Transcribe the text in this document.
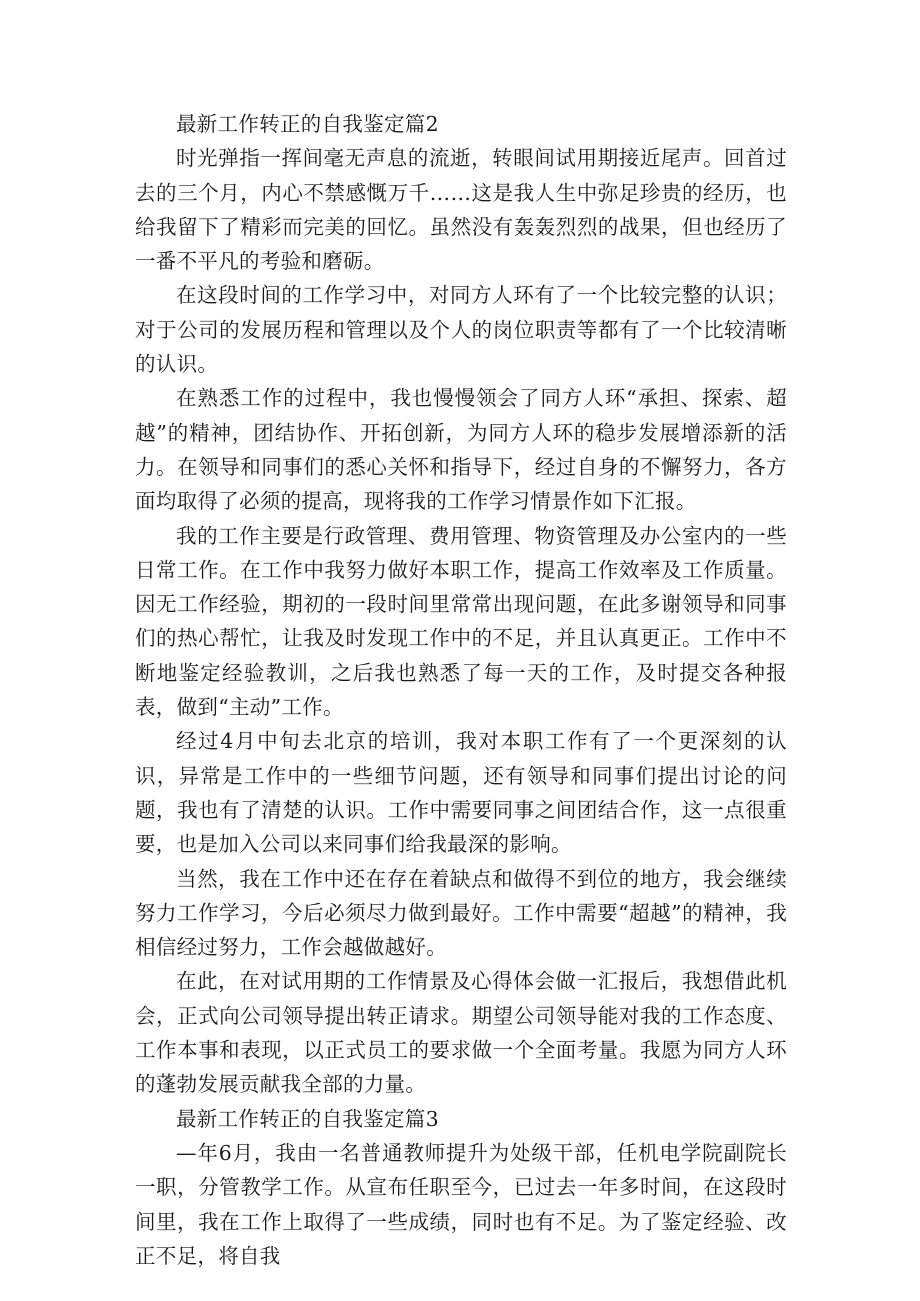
最新工作转正的自我鉴定篇2

时光弹指一挥间毫无声息的流逝，转眼间试用期接近尾声。回首过去的三个月，内心不禁感慨万千……这是我人生中弥足珍贵的经历，也给我留下了精彩而完美的回忆。虽然没有轰轰烈烈的战果，但也经历了一番不平凡的考验和磨砺。

在这段时间的工作学习中，对同方人环有了一个比较完整的认识；对于公司的发展历程和管理以及个人的岗位职责等都有了一个比较清晰的认识。

在熟悉工作的过程中，我也慢慢领会了同方人环“承担、探索、超越”的精神，团结协作、开拓创新，为同方人环的稳步发展增添新的活力。在领导和同事们的悉心关怀和指导下，经过自身的不懈努力，各方面均取得了必须的提高，现将我的工作学习情景作如下汇报。

我的工作主要是行政管理、费用管理、物资管理及办公室内的一些日常工作。在工作中我努力做好本职工作，提高工作效率及工作质量。因无工作经验，期初的一段时间里常常出现问题，在此多谢领导和同事们的热心帮忙，让我及时发现工作中的不足，并且认真更正。工作中不断地鉴定经验教训，之后我也熟悉了每一天的工作，及时提交各种报表，做到“主动”工作。

经过4月中旬去北京的培训，我对本职工作有了一个更深刻的认识，异常是工作中的一些细节问题，还有领导和同事们提出讨论的问题，我也有了清楚的认识。工作中需要同事之间团结合作，这一点很重要，也是加入公司以来同事们给我最深的影响。

当然，我在工作中还在存在着缺点和做得不到位的地方，我会继续努力工作学习，今后必须尽力做到最好。工作中需要“超越”的精神，我相信经过努力，工作会越做越好。

在此，在对试用期的工作情景及心得体会做一汇报后，我想借此机会，正式向公司领导提出转正请求。期望公司领导能对我的工作态度、工作本事和表现，以正式员工的要求做一个全面考量。我愿为同方人环的蓬勃发展贡献我全部的力量。

最新工作转正的自我鉴定篇3

—年6月，我由一名普通教师提升为处级干部，任机电学院副院长一职，分管教学工作。从宣布任职至今，已过去一年多时间，在这段时间里，我在工作上取得了一些成绩，同时也有不足。为了鉴定经验、改正不足，将自我
